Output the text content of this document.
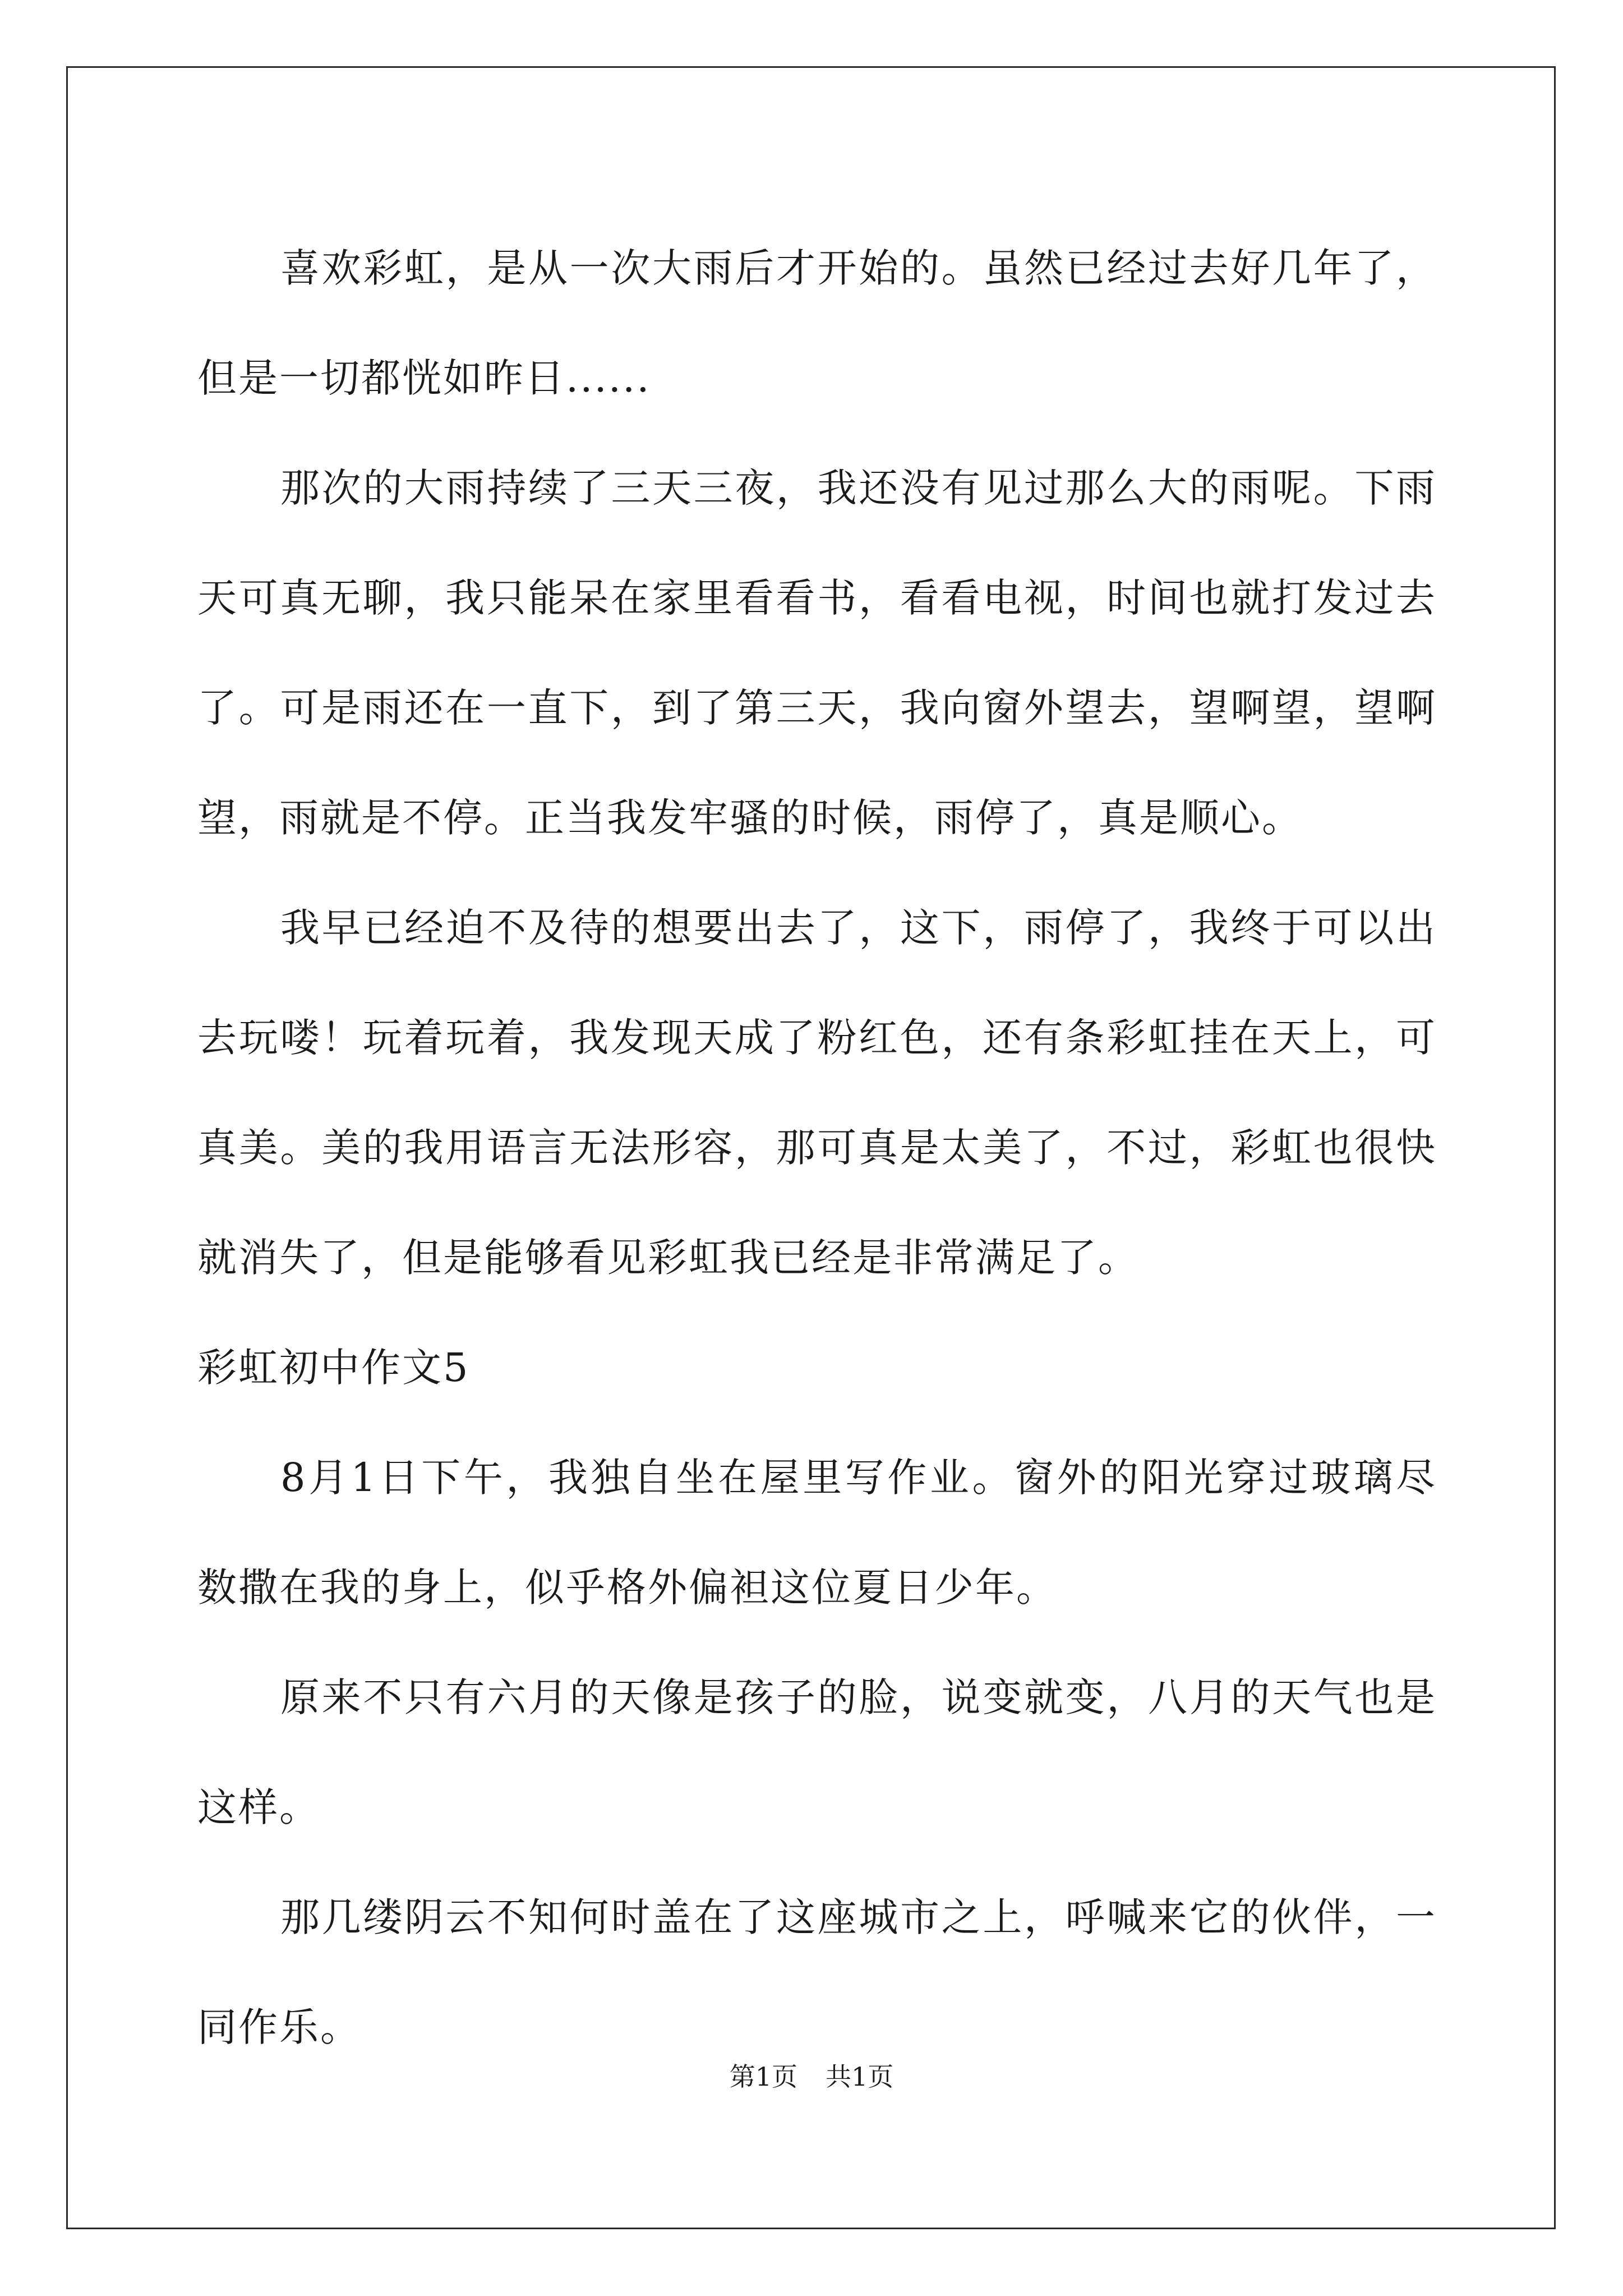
喜欢彩虹，是从一次大雨后才开始的。虽然已经过去好几年了，但是一切都恍如昨日......

那次的大雨持续了三天三夜，我还没有见过那么大的雨呢。下雨天可真无聊，我只能呆在家里看看书，看看电视，时间也就打发过去了。可是雨还在一直下，到了第三天，我向窗外望去，望啊望，望啊望，雨就是不停。正当我发牢骚的时候，雨停了，真是顺心。

我早已经迫不及待的想要出去了，这下，雨停了，我终于可以出去玩喽！玩着玩着，我发现天成了粉红色，还有条彩虹挂在天上，可真美。美的我用语言无法形容，那可真是太美了，不过，彩虹也很快就消失了，但是能够看见彩虹我已经是非常满足了。

彩虹初中作文5

8月1日下午，我独自坐在屋里写作业。窗外的阳光穿过玻璃尽数撒在我的身上，似乎格外偏袒这位夏日少年。

原来不只有六月的天像是孩子的脸，说变就变，八月的天气也是这样。

那几缕阴云不知何时盖在了这座城市之上，呼喊来它的伙伴，一同作乐。

第1页 共1页
